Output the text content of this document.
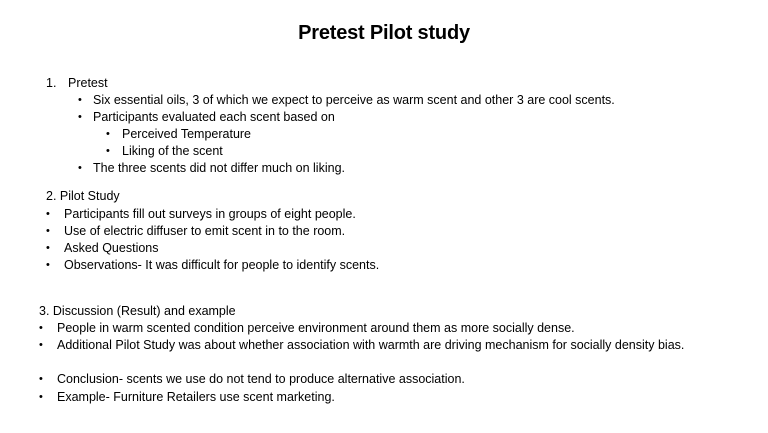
Pretest Pilot study
1. Pretest
• Six essential oils, 3 of which we expect to perceive as warm scent and other 3 are cool scents.
• Participants evaluated each scent based on
• Perceived Temperature
• Liking of the scent
• The three scents did not differ much on liking.
2. Pilot Study
• Participants fill out surveys in groups of eight people.
• Use of electric diffuser to emit scent in to the room.
• Asked Questions
• Observations- It was difficult for people to identify scents.
3. Discussion (Result) and example
• People in warm scented condition perceive environment around them as more socially dense.
• Additional Pilot Study was about whether association with warmth are driving mechanism for socially density bias.
• Conclusion- scents we use do not tend to produce alternative association.
• Example- Furniture Retailers use scent marketing.
